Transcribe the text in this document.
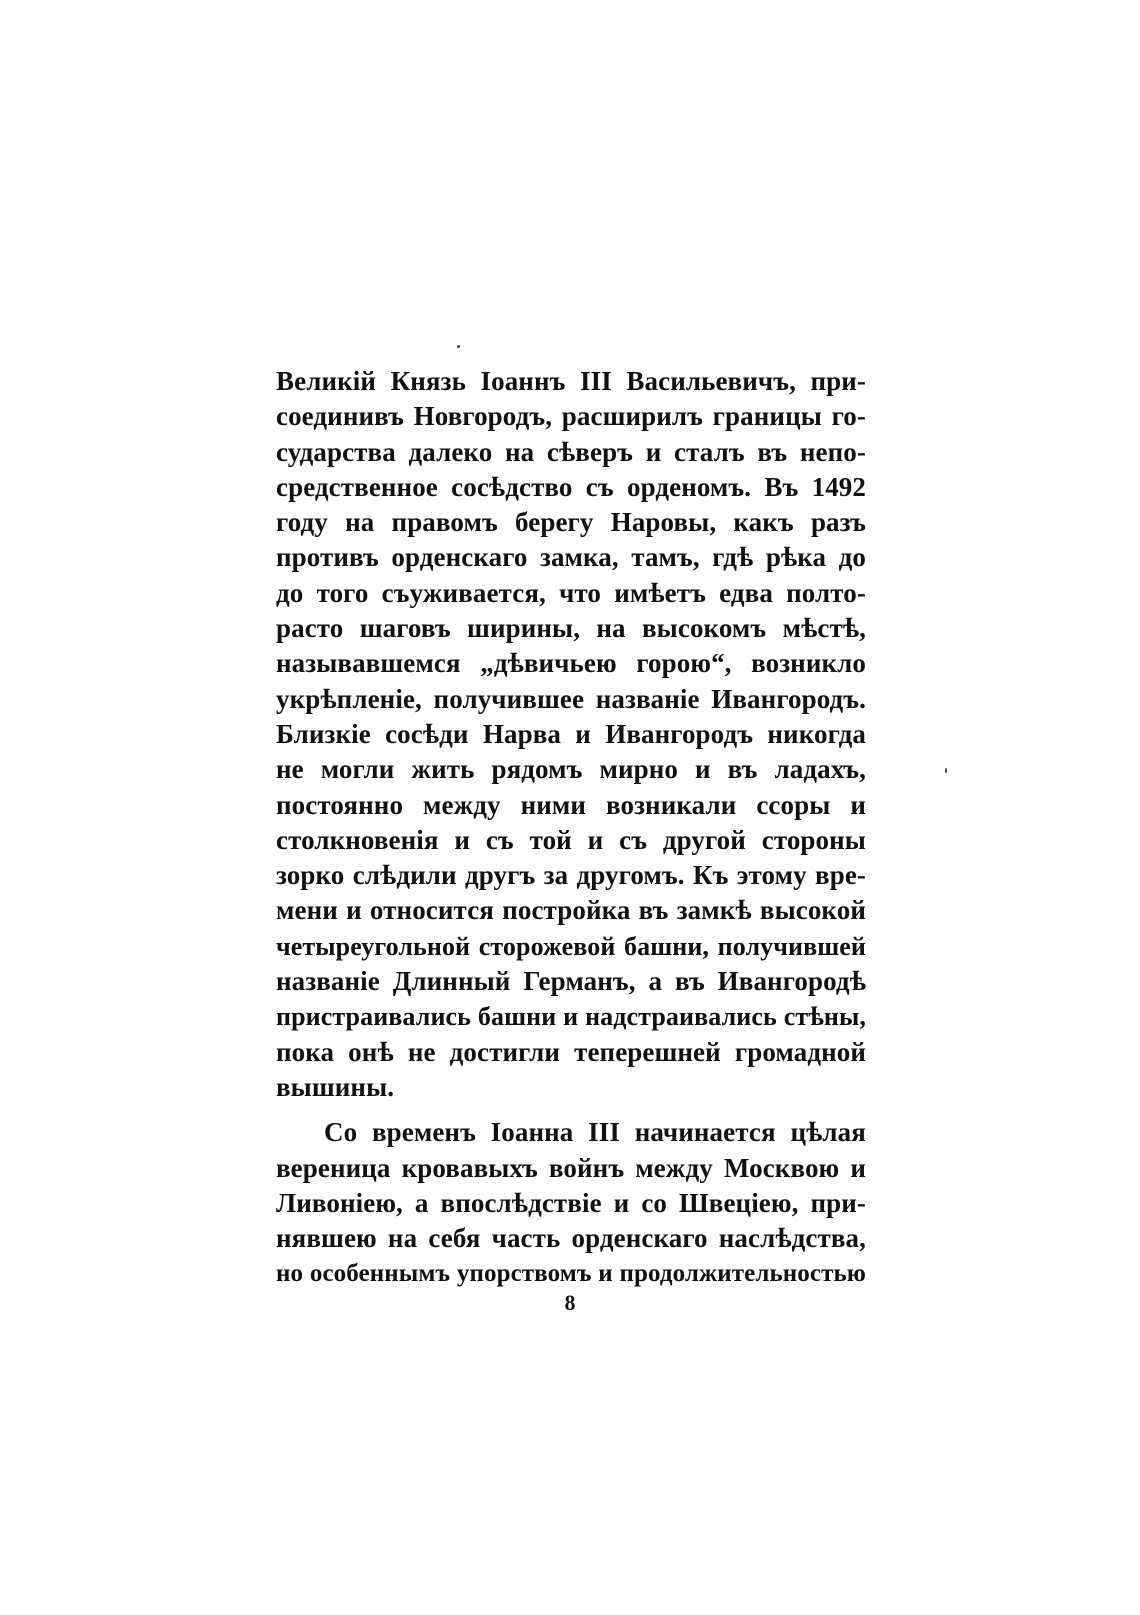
Великій Князь Іоаннъ III Васильевичъ, при-
соединивъ Новгородъ, расширилъ границы го-
сударства далеко на сѣверъ и сталъ въ непо-
средственное сосѣдство съ орденомъ. Въ 1492
году на правомъ берегу Наровы, какъ разъ
противъ орденскаго замка, тамъ, гдѣ рѣка до
до того съуживается, что имѣетъ едва полто-
расто шаговъ ширины, на высокомъ мѣстѣ,
называвшемся „дѣвичьею горою“, возникло
укрѣпленіе, получившее названіе Ивангородъ.
Близкіе сосѣди Нарва и Ивангородъ никогда
не могли жить рядомъ мирно и въ ладахъ,
постоянно между ними возникали ссоры и
столкновенія и съ той и съ другой стороны
зорко слѣдили другъ за другомъ. Къ этому вре-
мени и относится постройка въ замкѣ высокой
четыреугольной сторожевой башни, получившей
названіе Длинный Германъ, а въ Ивангородѣ
пристраивались башни и надстраивались стѣны,
пока онѣ не достигли теперешней громадной
вышины.
Со временъ Іоанна III начинается цѣлая
вереница кровавыхъ войнъ между Москвою и
Ливоніею, а впослѣдствіе и со Швеціею, при-
нявшею на себя часть орденскаго наслѣдства,
но особеннымъ упорствомъ и продолжительностью
8
